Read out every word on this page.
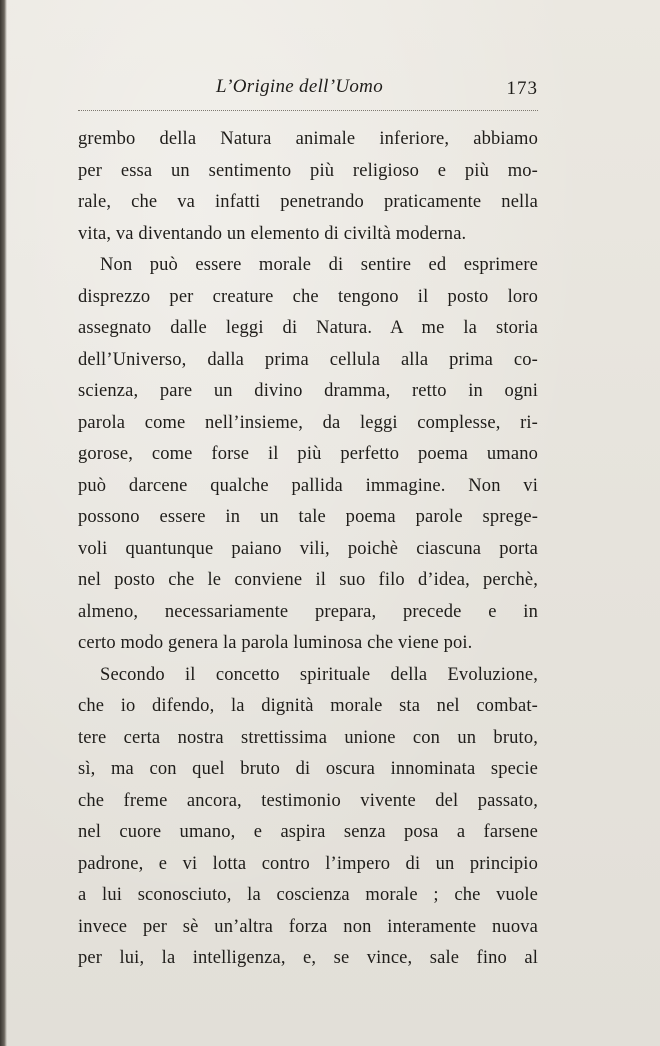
L’Origine dell’Uomo	173
grembo della Natura animale inferiore, abbiamo
per essa un sentimento più religioso e più mo-
rale, che va infatti penetrando praticamente nella
vita, va diventando un elemento di civiltà moderna.
Non può essere morale di sentire ed esprimere
disprezzo per creature che tengono il posto loro
assegnato dalle leggi di Natura. A me la storia
dell’Universo, dalla prima cellula alla prima co-
scienza, pare un divino dramma, retto in ogni
parola come nell’insieme, da leggi complesse, ri-
gorose, come forse il più perfetto poema umano
può darcene qualche pallida immagine. Non vi
possono essere in un tale poema parole sprege-
voli quantunque paiano vili, poichè ciascuna porta
nel posto che le conviene il suo filo d’idea, perchè,
almeno, necessariamente prepara, precede e in
certo modo genera la parola luminosa che viene poi.
Secondo il concetto spirituale della Evoluzione,
che io difendo, la dignità morale sta nel combat-
tere certa nostra strettissima unione con un bruto,
sì, ma con quel bruto di oscura innominata specie
che freme ancora, testimonio vivente del passato,
nel cuore umano, e aspira senza posa a farsene
padrone, e vi lotta contro l’impero di un principio
a lui sconosciuto, la coscienza morale ; che vuole
invece per sè un’altra forza non interamente nuova
per lui, la intelligenza, e, se vince, sale fino al
